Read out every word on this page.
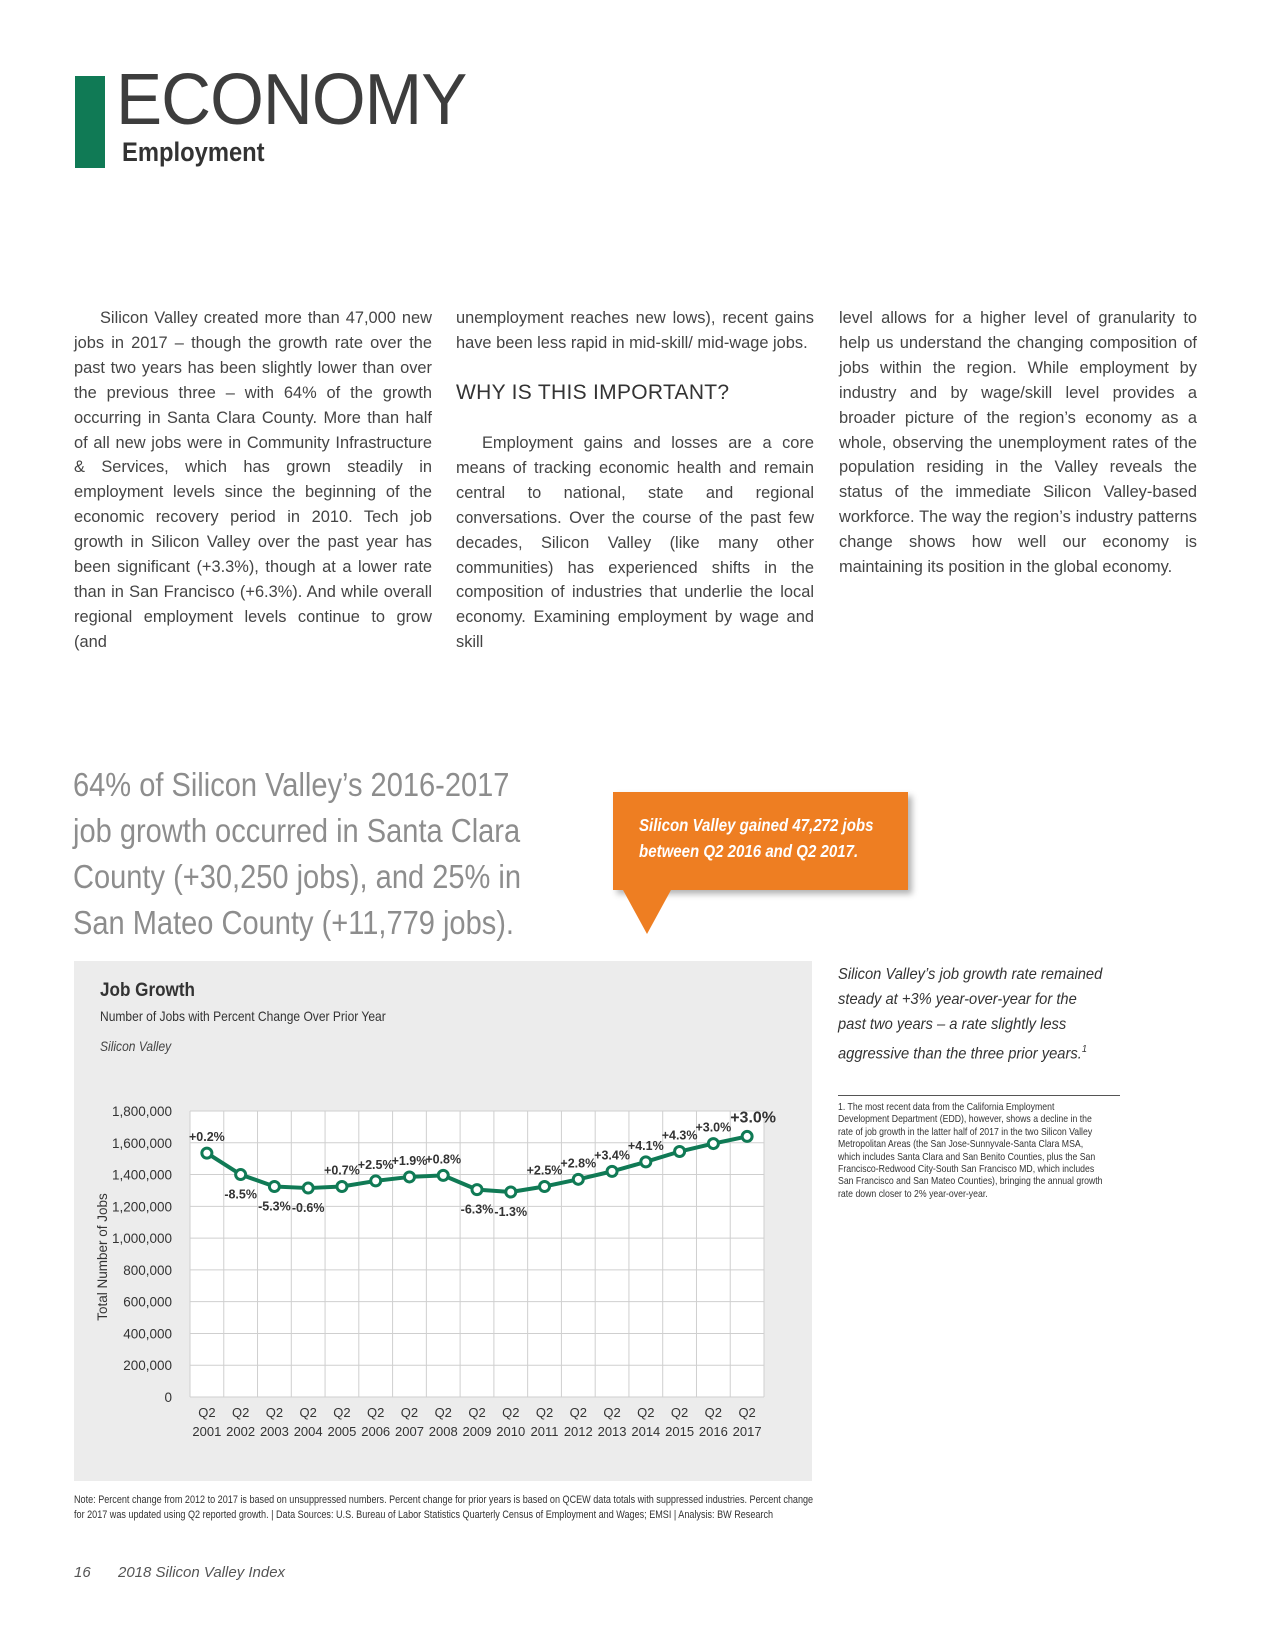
ECONOMY
Employment

Silicon Valley created more than 47,000 new jobs in 2017 – though the growth rate over the past two years has been slightly lower than over the previous three – with 64% of the growth occurring in Santa Clara County. More than half of all new jobs were in Community Infrastructure & Services, which has grown steadily in employment levels since the beginning of the economic recovery period in 2010. Tech job growth in Silicon Valley over the past year has been significant (+3.3%), though at a lower rate than in San Francisco (+6.3%). And while overall regional employment levels continue to grow (and

unemployment reaches new lows), recent gains have been less rapid in mid-skill/ mid-wage jobs.

WHY IS THIS IMPORTANT?

Employment gains and losses are a core means of tracking economic health and remain central to national, state and regional conversations. Over the course of the past few decades, Silicon Valley (like many other communities) has experienced shifts in the composition of industries that underlie the local economy. Examining employment by wage and skill

level allows for a higher level of granularity to help us understand the changing composition of jobs within the region. While employment by industry and by wage/skill level provides a broader picture of the region’s economy as a whole, observing the unemployment rates of the population residing in the Valley reveals the status of the immediate Silicon Valley-based workforce. The way the region’s industry patterns change shows how well our economy is maintaining its position in the global economy.

64% of Silicon Valley’s 2016-2017
job growth occurred in Santa Clara
County (+30,250 jobs), and 25% in
San Mateo County (+11,779 jobs).
Silicon Valley gained 47,272 jobs
between Q2 2016 and Q2 2017.
Job Growth
Number of Jobs with Percent Change Over Prior Year
Silicon Valley
0
200,000
400,000
600,000
800,000
1,000,000
1,200,000
1,400,000
1,600,000
1,800,000
Q2
2001
Q2
2002
Q2
2003
Q2
2004
Q2
2005
Q2
2006
Q2
2007
Q2
2008
Q2
2009
Q2
2010
Q2
2011
Q2
2012
Q2
2013
Q2
2014
Q2
2015
Q2
2016
Q2
2017
Total Number of Jobs
+0.2%
-8.5%
-5.3% -0.6%
+0.7%
+2.5%
+1.9%
+0.8%
-6.3% -1.3%
+2.5%
+2.8%
+3.4%
+4.1%
+4.3%
+3.0%
+3.0%
Silicon Valley’s job growth rate remained steady at +3% year-over-year for the past two years – a rate slightly less aggressive than the three prior years.$^1$
1. The most recent data from the California Employment Development Department (EDD), however, shows a decline in the rate of job growth in the latter half of 2017 in the two Silicon Valley Metropolitan Areas (the San Jose-Sunnyvale-Santa Clara MSA, which includes Santa Clara and San Benito Counties, plus the San Francisco-Redwood City-South San Francisco MD, which includes San Francisco and San Mateo Counties), bringing the annual growth rate down closer to 2% year-over-year.
Note: Percent change from 2012 to 2017 is based on unsuppressed numbers. Percent change for prior years is based on QCEW data totals with suppressed industries. Percent change for 2017 was updated using Q2 reported growth. | Data Sources: U.S. Bureau of Labor Statistics Quarterly Census of Employment and Wages; EMSI | Analysis: BW Research
16 2018 Silicon Valley Index
